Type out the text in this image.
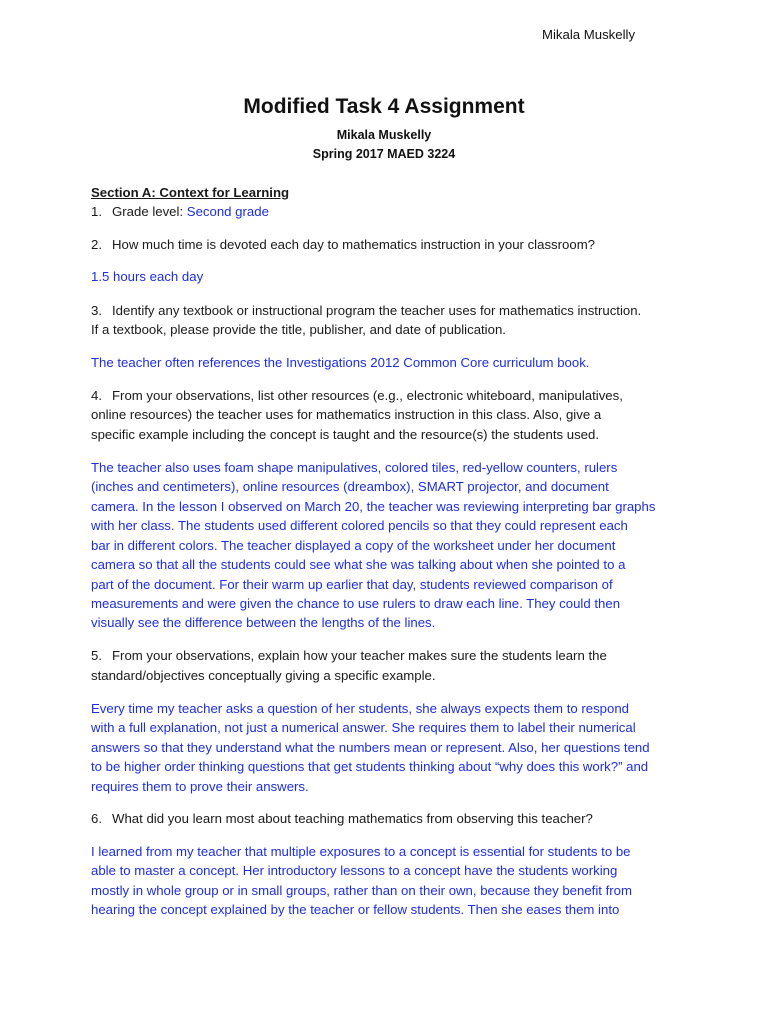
Mikala Muskelly
Modified Task 4 Assignment
Mikala Muskelly
Spring 2017 MAED 3224
Section A: Context for Learning
1. Grade level: Second grade
2. How much time is devoted each day to mathematics instruction in your classroom?
1.5 hours each day
3. Identify any textbook or instructional program the teacher uses for mathematics instruction.
If a textbook, please provide the title, publisher, and date of publication.
The teacher often references the Investigations 2012 Common Core curriculum book.
4. From your observations, list other resources (e.g., electronic whiteboard, manipulatives,
online resources) the teacher uses for mathematics instruction in this class. Also, give a
specific example including the concept is taught and the resource(s) the students used.
The teacher also uses foam shape manipulatives, colored tiles, red-yellow counters, rulers
(inches and centimeters), online resources (dreambox), SMART projector, and document
camera. In the lesson I observed on March 20, the teacher was reviewing interpreting bar graphs
with her class. The students used different colored pencils so that they could represent each
bar in different colors. The teacher displayed a copy of the worksheet under her document
camera so that all the students could see what she was talking about when she pointed to a
part of the document. For their warm up earlier that day, students reviewed comparison of
measurements and were given the chance to use rulers to draw each line. They could then
visually see the difference between the lengths of the lines.
5. From your observations, explain how your teacher makes sure the students learn the
standard/objectives conceptually giving a specific example.
Every time my teacher asks a question of her students, she always expects them to respond
with a full explanation, not just a numerical answer. She requires them to label their numerical
answers so that they understand what the numbers mean or represent. Also, her questions tend
to be higher order thinking questions that get students thinking about “why does this work?” and
requires them to prove their answers.
6. What did you learn most about teaching mathematics from observing this teacher?
I learned from my teacher that multiple exposures to a concept is essential for students to be
able to master a concept. Her introductory lessons to a concept have the students working
mostly in whole group or in small groups, rather than on their own, because they benefit from
hearing the concept explained by the teacher or fellow students. Then she eases them into
